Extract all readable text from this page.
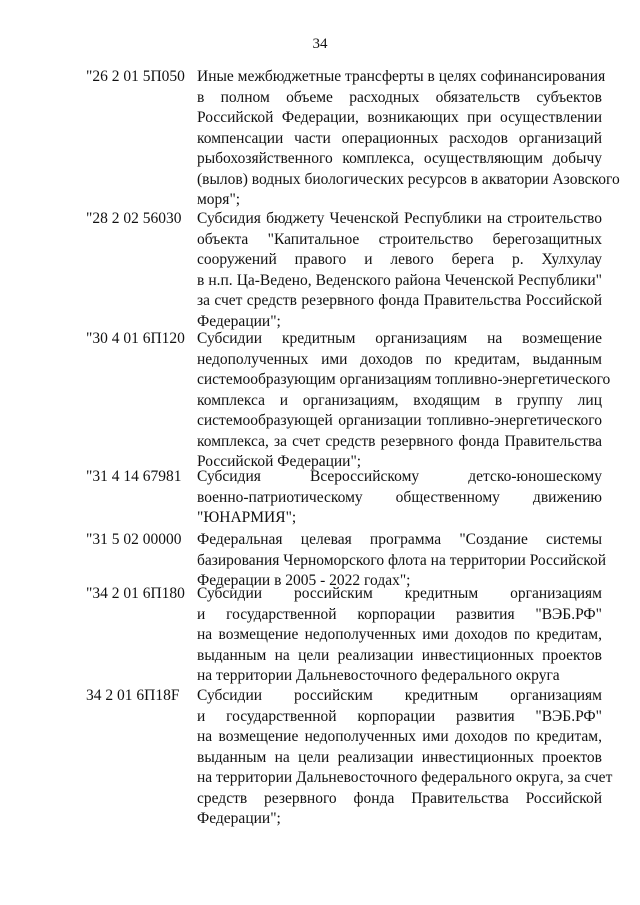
34
"26 2 01 5П050 Иные межбюджетные трансферты в целях софинансирования
в полном объеме расходных обязательств субъектов
Российской Федерации, возникающих при осуществлении
компенсации части операционных расходов организаций
рыбохозяйственного комплекса, осуществляющим добычу
(вылов) водных биологических ресурсов в акватории Азовского
моря";
"28 2 02 56030 Субсидия бюджету Чеченской Республики на строительство
объекта "Капитальное строительство берегозащитных
сооружений правого и левого берега р. Хулхулау
в н.п. Ца-Ведено, Веденского района Чеченской Республики"
за счет средств резервного фонда Правительства Российской
Федерации";
"30 4 01 6П120 Субсидии кредитным организациям на возмещение
недополученных ими доходов по кредитам, выданным
системообразующим организациям топливно-энергетического
комплекса и организациям, входящим в группу лиц
системообразующей организации топливно-энергетического
комплекса, за счет средств резервного фонда Правительства
Российской Федерации";
"31 4 14 67981 Субсидия Всероссийскому детско-юношескому
военно-патриотическому общественному движению
"ЮНАРМИЯ";
"31 5 02 00000 Федеральная целевая программа "Создание системы
базирования Черноморского флота на территории Российской
Федерации в 2005 - 2022 годах";
"34 2 01 6П180 Субсидии российским кредитным организациям
и государственной корпорации развития "ВЭБ.РФ"
на возмещение недополученных ими доходов по кредитам,
выданным на цели реализации инвестиционных проектов
на территории Дальневосточного федерального округа
34 2 01 6П18F Субсидии российским кредитным организациям
и государственной корпорации развития "ВЭБ.РФ"
на возмещение недополученных ими доходов по кредитам,
выданным на цели реализации инвестиционных проектов
на территории Дальневосточного федерального округа, за счет
средств резервного фонда Правительства Российской
Федерации";
